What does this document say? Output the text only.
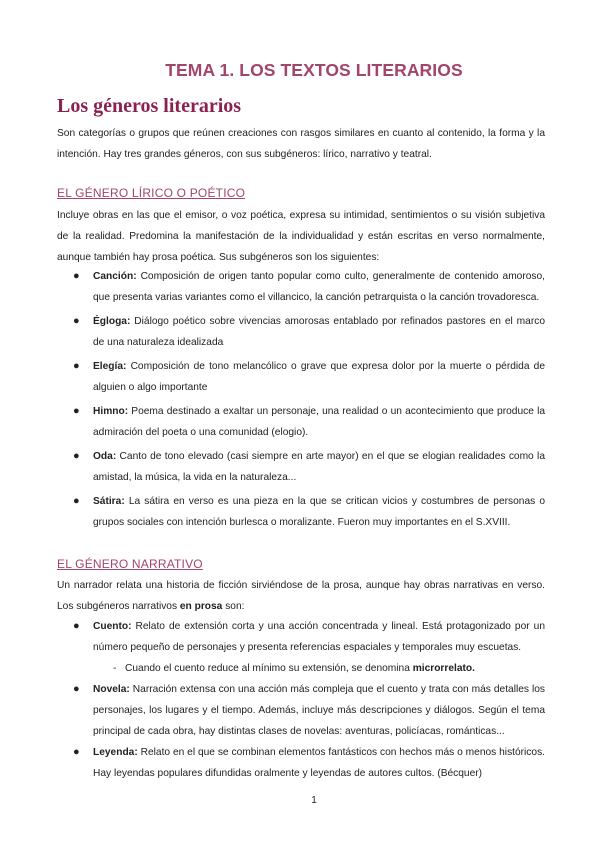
TEMA 1. LOS TEXTOS LITERARIOS
Los géneros literarios
Son categorías o grupos que reúnen creaciones con rasgos similares en cuanto al contenido, la forma y la intención. Hay tres grandes géneros, con sus subgéneros: lírico, narrativo y teatral.
EL GÉNERO LÍRICO O POÉTICO
Incluye obras en las que el emisor, o voz poética, expresa su intimidad, sentimientos o su visión subjetiva de la realidad. Predomina la manifestación de la individualidad y están escritas en verso normalmente, aunque también hay prosa poética. Sus subgéneros son los siguientes:
● Canción: Composición de origen tanto popular como culto, generalmente de contenido amoroso, que presenta varias variantes como el villancico, la canción petrarquista o la canción trovadoresca.
● Égloga: Diálogo poético sobre vivencias amorosas entablado por refinados pastores en el marco de una naturaleza idealizada
● Elegía: Composición de tono melancólico o grave que expresa dolor por la muerte o pérdida de alguien o algo importante
● Himno: Poema destinado a exaltar un personaje, una realidad o un acontecimiento que produce la admiración del poeta o una comunidad (elogio).
● Oda: Canto de tono elevado (casi siempre en arte mayor) en el que se elogian realidades como la amistad, la música, la vida en la naturaleza...
● Sátira: La sátira en verso es una pieza en la que se critican vicios y costumbres de personas o grupos sociales con intención burlesca o moralizante. Fueron muy importantes en el S.XVIII.
EL GÉNERO NARRATIVO
Un narrador relata una historia de ficción sirviéndose de la prosa, aunque hay obras narrativas en verso. Los subgéneros narrativos en prosa son:
● Cuento: Relato de extensión corta y una acción concentrada y lineal. Está protagonizado por un número pequeño de personajes y presenta referencias espaciales y temporales muy escuetas.
- Cuando el cuento reduce al mínimo su extensión, se denomina microrrelato.
● Novela: Narración extensa con una acción más compleja que el cuento y trata con más detalles los personajes, los lugares y el tiempo. Además, incluye más descripciones y diálogos. Según el tema principal de cada obra, hay distintas clases de novelas: aventuras, policíacas, románticas...
● Leyenda: Relato en el que se combinan elementos fantásticos con hechos más o menos históricos. Hay leyendas populares difundidas oralmente y leyendas de autores cultos. (Bécquer)
1
